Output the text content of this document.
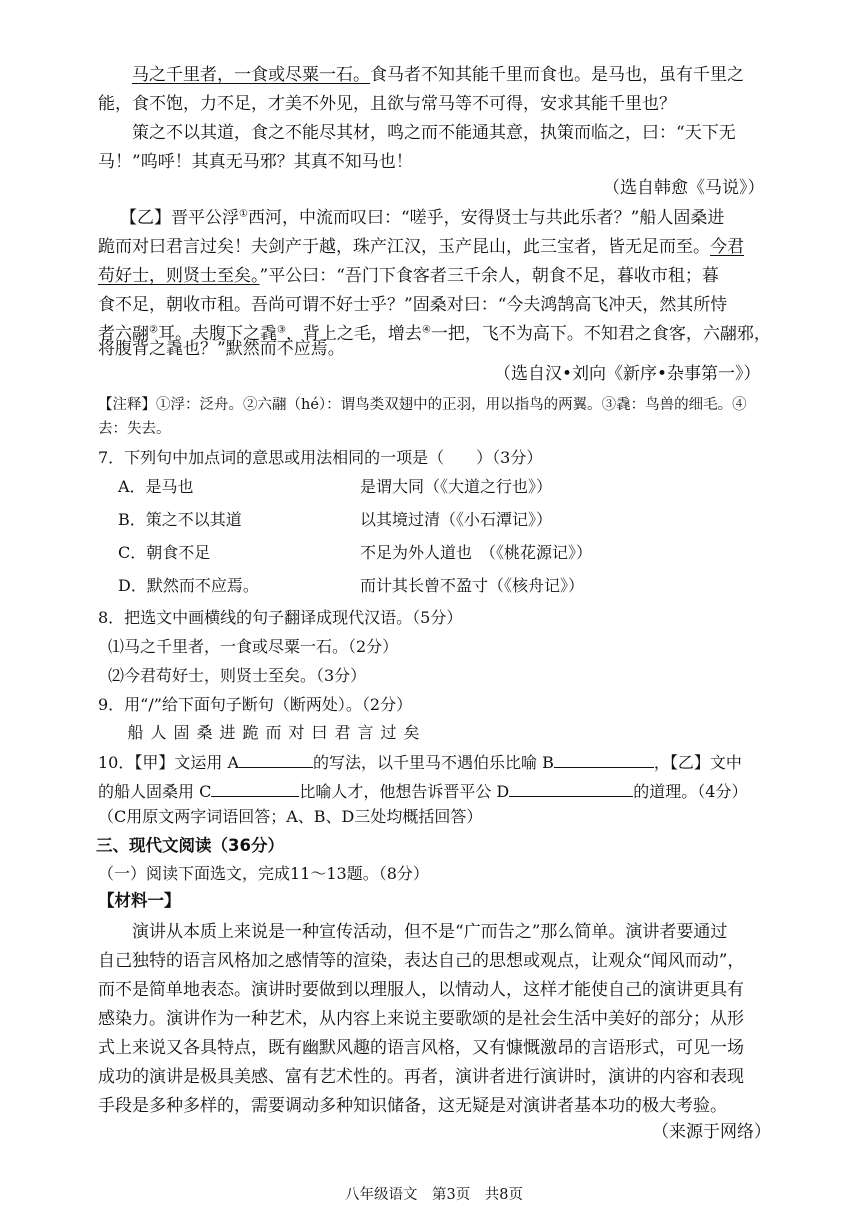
马之千里者，一食或尽粟一石。食马者不知其能千里而食也。是马也，虽有千里之
能，食不饱，力不足，才美不外见，且欲与常马等不可得，安求其能千里也？
策之不以其道，食之不能尽其材，鸣之而不能通其意，执策而临之，曰：“天下无
马！”呜呼！其真无马邪？其真不知马也！
（选自韩愈《马说》）
【乙】晋平公浮①西河，中流而叹曰：“嗟乎，安得贤士与共此乐者？”船人固桑进
跪而对曰君言过矣！夫剑产于越，珠产江汉，玉产昆山，此三宝者，皆无足而至。今君
苟好士，则贤士至矣。”平公曰：“吾门下食客者三千余人，朝食不足，暮收市租；暮
食不足，朝收市租。吾尚可谓不好士乎？”固桑对曰：“今夫鸿鹄高飞冲天，然其所恃
者六翮②耳。夫腹下之毳③，背上之毛，增去④一把，飞不为高下。不知君之食客，六翮邪，
将腹背之毳也？”默然而不应焉。
（选自汉•刘向《新序•杂事第一》）
【注释】①浮：泛舟。②六翮（hé）：谓鸟类双翅中的正羽，用以指鸟的两翼。③毳：鸟兽的细毛。④
去：失去。
7．下列句中加点词的意思或用法相同的一项是（　　）（3分）
A．是马也	是谓大同（《大道之行也》）
B．策之不以其道	以其境过清（《小石潭记》）
C．朝食不足	不足为外人道也　（《桃花源记》）
D．默然而不应焉。	而计其长曾不盈寸（《核舟记》）
8．把选文中画横线的句子翻译成现代汉语。（5分）
⑴马之千里者，一食或尽粟一石。（2分）
⑵今君苟好士，则贤士至矣。（3分）
9．用“/”给下面句子断句（断两处）。（2分）
船 人 固 桑 进 跪 而 对 曰 君 言 过 矣
10．【甲】文运用 A	的写法，以千里马不遇伯乐比喻 B	，【乙】文中
的船人固桑用 C	比喻人才，他想告诉晋平公 D	的道理。（4分）
（C用原文两字词语回答；A、B、D三处均概括回答）
三、现代文阅读（36分）
（一）阅读下面选文，完成11～13题。（8分）
【材料一】
演讲从本质上来说是一种宣传活动，但不是“广而告之”那么简单。演讲者要通过
自己独特的语言风格加之感情等的渲染，表达自己的思想或观点，让观众“闻风而动”，
而不是简单地表态。演讲时要做到以理服人，以情动人，这样才能使自己的演讲更具有
感染力。演讲作为一种艺术，从内容上来说主要歌颂的是社会生活中美好的部分；从形
式上来说又各具特点，既有幽默风趣的语言风格，又有慷慨激昂的言语形式，可见一场
成功的演讲是极具美感、富有艺术性的。再者，演讲者进行演讲时，演讲的内容和表现
手段是多种多样的，需要调动多种知识储备，这无疑是对演讲者基本功的极大考验。
（来源于网络）
八年级语文　第3页　共8页
